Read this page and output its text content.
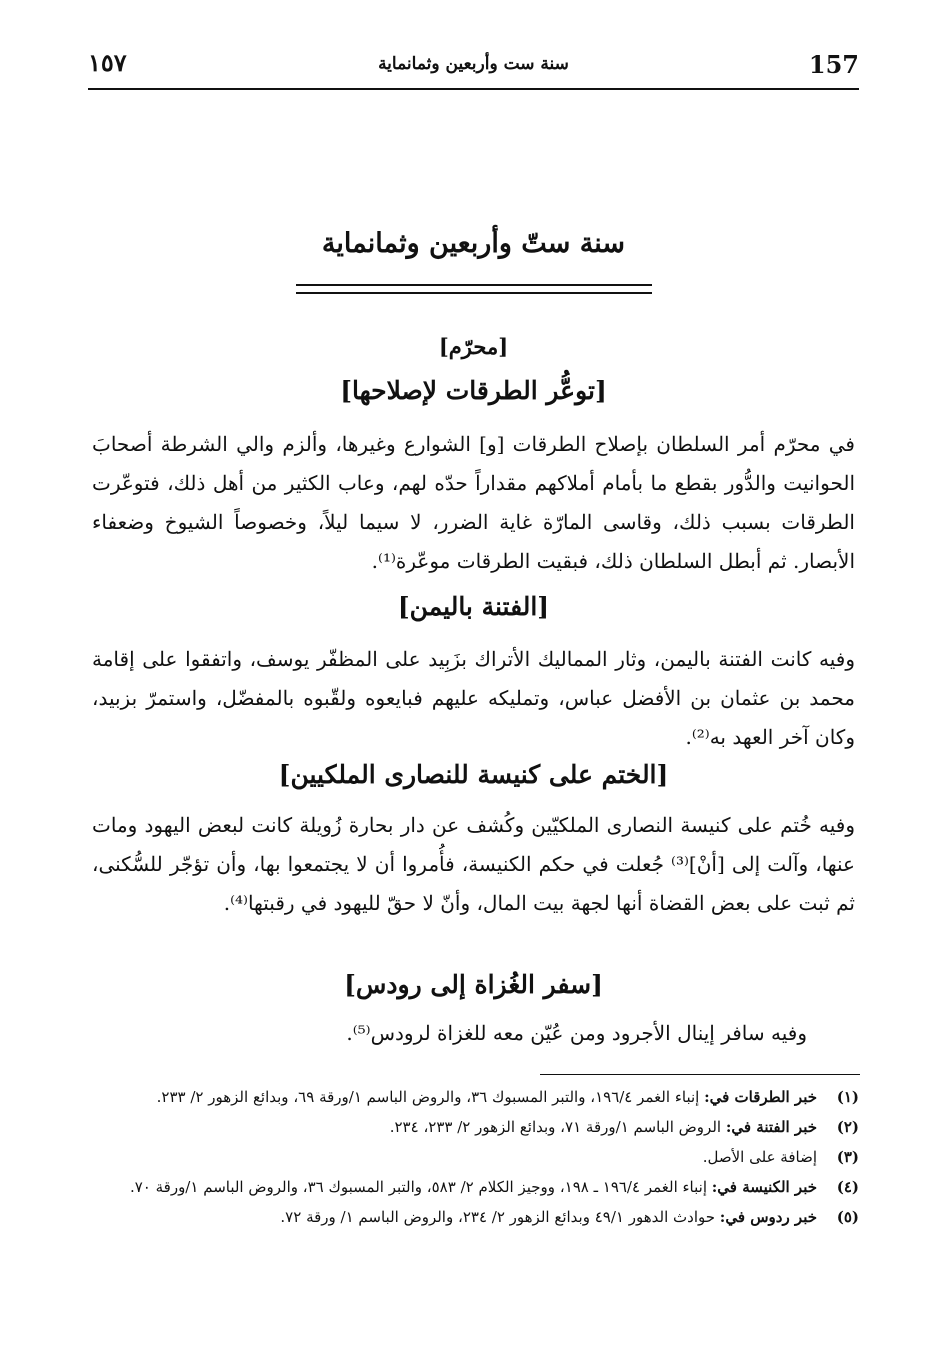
١٥٧	سنة ست وأربعين وثمانماية	157
سنة ستّ وأربعين وثمانماية
[محرّم]
[توعُّر الطرقات لإصلاحها]
في محرّم أمر السلطان بإصلاح الطرقات [و] الشوارع وغيرها، وألزم والي الشرطة أصحابَ الحوانيت والدُّور بقطع ما بأمام أملاكهم مقداراً حدّه لهم، وعاب الكثير من أهل ذلك، فتوعّرت الطرقات بسبب ذلك، وقاسى المارّة غاية الضرر، لا سيما ليلاً، وخصوصاً الشيوخ وضعفاء الأبصار. ثم أبطل السلطان ذلك، فبقيت الطرقات موعّرة⁽¹⁾.
[الفتنة باليمن]
وفيه كانت الفتنة باليمن، وثار المماليك الأتراك بزَبِيد على المظفّر يوسف، واتفقوا على إقامة محمد بن عثمان بن الأفضل عباس، وتمليكه عليهم فبايعوه ولقّبوه بالمفضّل، واستمرّ بزبيد، وكان آخر العهد به⁽²⁾.
[الختم على كنيسة للنصارى الملكيين]
وفيه خُتم على كنيسة النصارى الملكيّين وكُشف عن دار بحارة زُويلة كانت لبعض اليهود ومات عنها، وآلت إلى [أنْ]⁽³⁾ جُعلت في حكم الكنيسة، فأُمروا أن لا يجتمعوا بها، وأن تؤجّر للسُّكنى، ثم ثبت على بعض القضاة أنها لجهة بيت المال، وأنّ لا حقّ لليهود في رقبتها⁽⁴⁾.
[سفر الغُزاة إلى رودس]
وفيه سافر إينال الأجرود ومن عُيّن معه للغزاة لرودس⁽⁵⁾.
(١)
خبر الطرقات في: إنباء الغمر ١٩٦/٤، والتبر المسبوك ٣٦، والروض الباسم ١/ورقة ٦٩، وبدائع الزهور ٢/ ٢٣٣.
(٢)
خبر الفتنة في: الروض الباسم ١/ورقة ٧١، وبدائع الزهور ٢/ ٢٣٣، ٢٣٤.
(٣)
إضافة على الأصل.
(٤)
خبر الكنيسة في: إنباء الغمر ١٩٦/٤ ـ ١٩٨، ووجيز الكلام ٢/ ٥٨٣، والتبر المسبوك ٣٦، والروض الباسم ١/ورقة ٧٠.
(٥)
خبر ردوس في: حوادث الدهور ٤٩/١ وبدائع الزهور ٢/ ٢٣٤، والروض الباسم ١/ ورقة ٧٢.
